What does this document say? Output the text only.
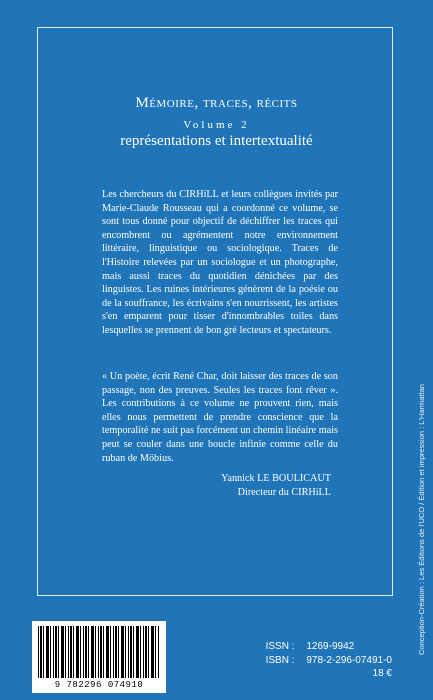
Mémoire, traces, récits
Volume 2
représentations et intertextualité

Les chercheurs du CIRHiLL et leurs collègues invités par Marie-Claude Rousseau qui a coordonné ce volume, se sont tous donné pour objectif de déchiffrer les traces qui encombrent ou agrémentent notre environnement littéraire, linguistique ou sociologique. Traces de l'Histoire relevées par un sociologue et un photographe, mais aussi traces du quotidien dénichées par des linguistes. Les ruines intérieures génèrent de la poésie ou de la souffrance, les écrivains s'en nourrissent, les artistes s'en emparent pour tisser d'innombrables toiles dans lesquelles se prennent de bon gré lecteurs et spectateurs.

« Un poète, écrit René Char, doit laisser des traces de son passage, non des preuves. Seules les traces font rêver ». Les contributions à ce volume ne prouvent rien, mais elles nous permettent de prendre conscience que la temporalité ne suit pas forcément un chemin linéaire mais peut se couler dans une boucle infinie comme celle du ruban de Möbius.

Yannick LE BOULICAUT
Directeur du CIRHiLL	Conception-Création : Les Éditions de l'UCO / Édition et impression : L'Harmattan
9 782296 074910
ISSN : 1269-9942
ISBN : 978-2-296-07491-0
18 €
